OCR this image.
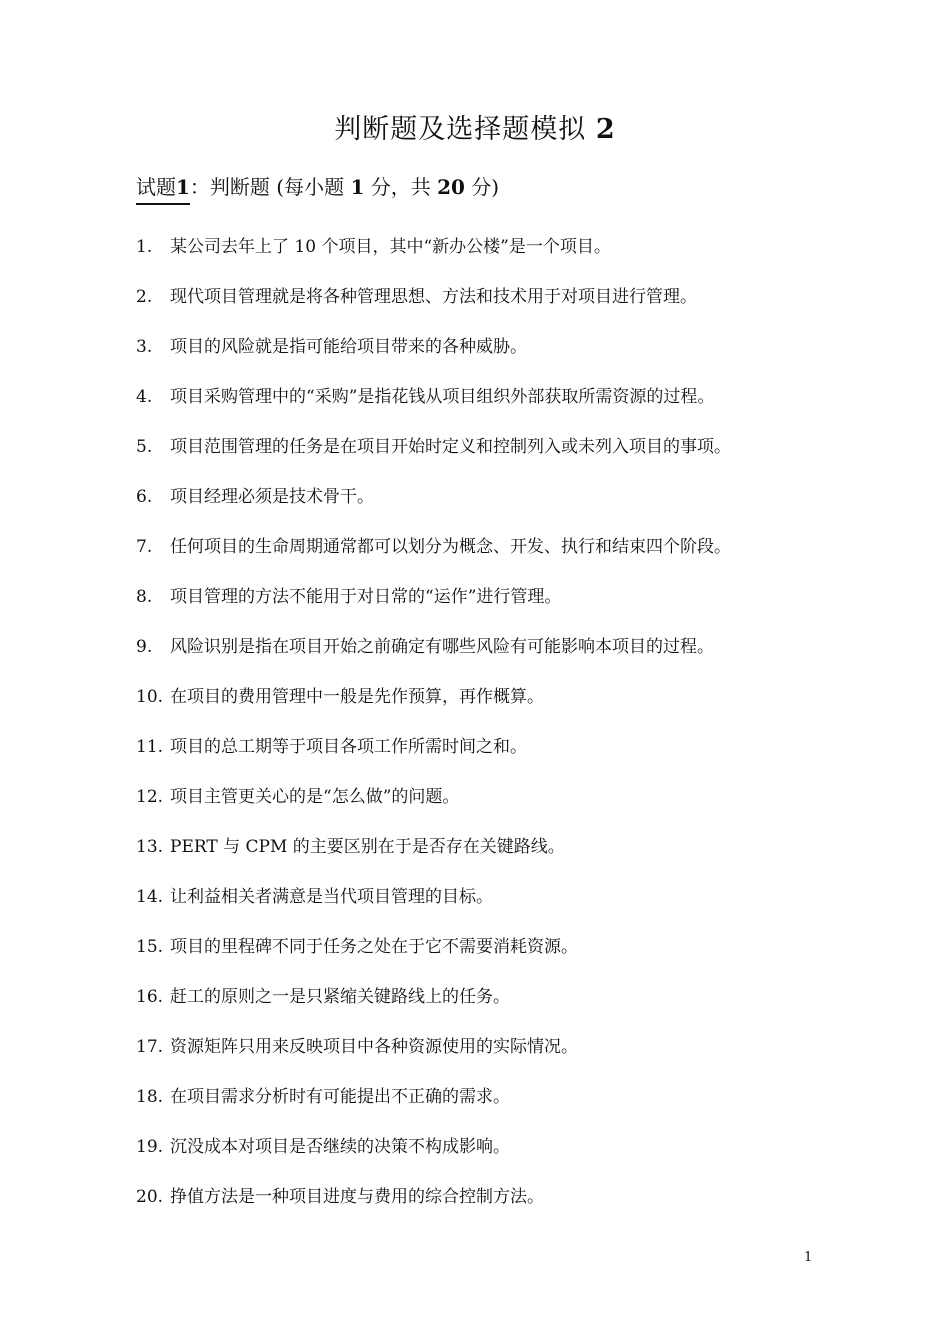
判断题及选择题模拟 2
试题1：判断题 (每小题 1 分，共 20 分)
1. 某公司去年上了 10 个项目，其中“新办公楼”是一个项目。
2. 现代项目管理就是将各种管理思想、方法和技术用于对项目进行管理。
3. 项目的风险就是指可能给项目带来的各种威胁。
4. 项目采购管理中的“采购”是指花钱从项目组织外部获取所需资源的过程。
5. 项目范围管理的任务是在项目开始时定义和控制列入或未列入项目的事项。
6. 项目经理必须是技术骨干。
7. 任何项目的生命周期通常都可以划分为概念、开发、执行和结束四个阶段。
8. 项目管理的方法不能用于对日常的“运作”进行管理。
9. 风险识别是指在项目开始之前确定有哪些风险有可能影响本项目的过程。
10. 在项目的费用管理中一般是先作预算，再作概算。
11. 项目的总工期等于项目各项工作所需时间之和。
12. 项目主管更关心的是“怎么做”的问题。
13. PERT 与 CPM 的主要区别在于是否存在关键路线。
14. 让利益相关者满意是当代项目管理的目标。
15. 项目的里程碑不同于任务之处在于它不需要消耗资源。
16. 赶工的原则之一是只紧缩关键路线上的任务。
17. 资源矩阵只用来反映项目中各种资源使用的实际情况。
18. 在项目需求分析时有可能提出不正确的需求。
19. 沉没成本对项目是否继续的决策不构成影响。
20. 挣值方法是一种项目进度与费用的综合控制方法。
1
